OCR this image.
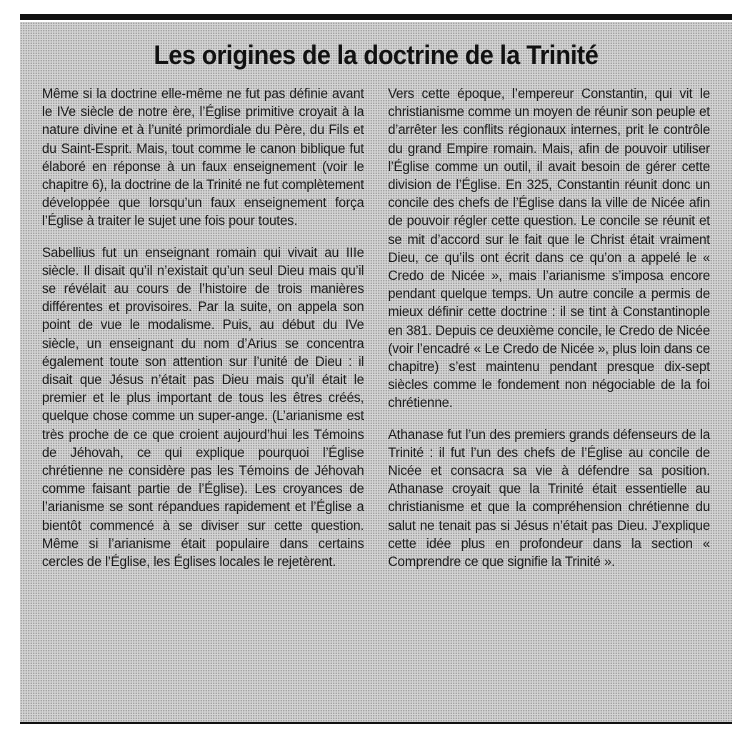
Les origines de la doctrine de la Trinité

Même si la doctrine elle-même ne fut pas définie avant le IVe siècle de notre ère, l’Église primitive croyait à la nature divine et à l’unité primordiale du Père, du Fils et du Saint-Esprit. Mais, tout comme le canon biblique fut élaboré en réponse à un faux enseignement (voir le chapitre 6), la doctrine de la Trinité ne fut complètement développée que lorsqu’un faux enseignement força l’Église à traiter le sujet une fois pour toutes.

Sabellius fut un enseignant romain qui vivait au IIIe siècle. Il disait qu’il n’existait qu’un seul Dieu mais qu’il se révélait au cours de l’histoire de trois manières différentes et provisoires. Par la suite, on appela son point de vue le modalisme. Puis, au début du IVe siècle, un enseignant du nom d’Arius se concentra également toute son attention sur l’unité de Dieu : il disait que Jésus n’était pas Dieu mais qu’il était le premier et le plus important de tous les êtres créés, quelque chose comme un super-ange. (L’arianisme est très proche de ce que croient aujourd’hui les Témoins de Jéhovah, ce qui explique pourquoi l’Église chrétienne ne considère pas les Témoins de Jéhovah comme faisant partie de l’Église). Les croyances de l’arianisme se sont répandues rapidement et l’Église a bientôt commencé à se diviser sur cette question. Même si l’arianisme était populaire dans certains cercles de l’Église, les Églises locales le rejetèrent.

Vers cette époque, l’empereur Constantin, qui vit le christianisme comme un moyen de réunir son peuple et d’arrêter les conflits régionaux internes, prit le contrôle du grand Empire romain. Mais, afin de pouvoir utiliser l’Église comme un outil, il avait besoin de gérer cette division de l’Église. En 325, Constantin réunit donc un concile des chefs de l’Église dans la ville de Nicée afin de pouvoir régler cette question. Le concile se réunit et se mit d’accord sur le fait que le Christ était vraiment Dieu, ce qu’ils ont écrit dans ce qu’on a appelé le « Credo de Nicée », mais l’arianisme s’imposa encore pendant quelque temps. Un autre concile a permis de mieux définir cette doctrine : il se tint à Constantinople en 381. Depuis ce deuxième concile, le Credo de Nicée (voir l’encadré « Le Credo de Nicée », plus loin dans ce chapitre) s’est maintenu pendant presque dix-sept siècles comme le fondement non négociable de la foi chrétienne.

Athanase fut l’un des premiers grands défenseurs de la Trinité : il fut l’un des chefs de l’Église au concile de Nicée et consacra sa vie à défendre sa position. Athanase croyait que la Trinité était essentielle au christianisme et que la compréhension chrétienne du salut ne tenait pas si Jésus n’était pas Dieu. J’explique cette idée plus en profondeur dans la section « Comprendre ce que signifie la Trinité ».
